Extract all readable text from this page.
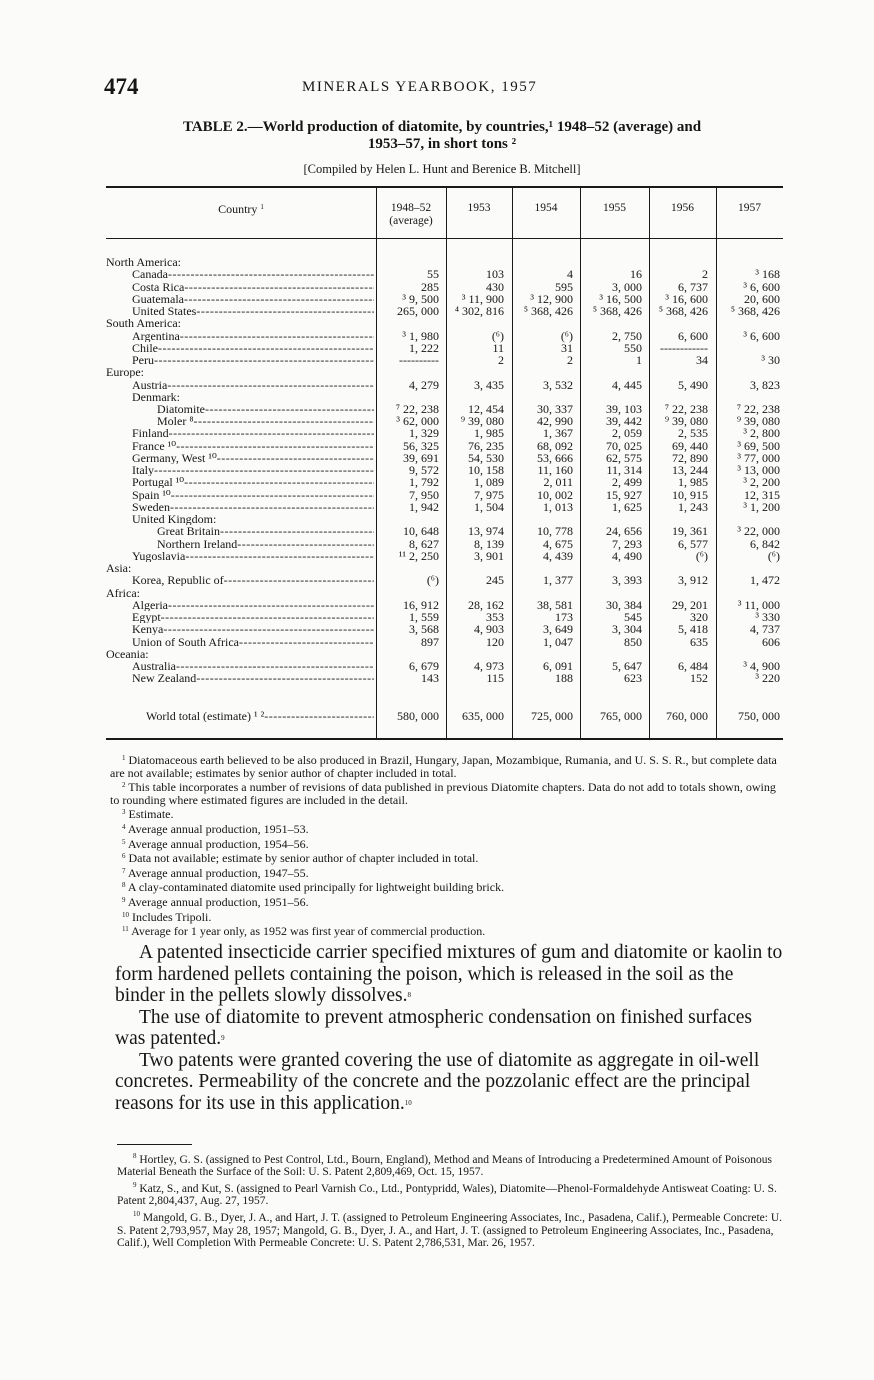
474	MINERALS YEARBOOK, 1957
TABLE 2.—World production of diatomite, by countries,¹ 1948–52 (average) and
1953–57, in short tons ²
[Compiled by Helen L. Hunt and Berenice B. Mitchell]
Country $^1$	1948–52
(average)
1953	1954	1955	1956	1957
North America:
Canada -----	55	103	4	16	2	³ 168
Costa Rica -----	285	430	595	3, 000	6, 737	³ 6, 600
Guatemala -----	³ 9, 500	³ 11, 900	³ 12, 900	³ 16, 500	³ 16, 600	20, 600
United States -----	265, 000	⁴ 302, 816	⁵ 368, 426	⁵ 368, 426	⁵ 368, 426	⁵ 368, 426
South America:
Argentina -----	³ 1, 980	(⁶)	(⁶)	2, 750	6, 600	³ 6, 600
Chile -----	1, 222	11	31	550	------------
Peru -----	----------	2	2	1	34	³ 30
Europe:
Austria -----	4, 279	3, 435	3, 532	4, 445	5, 490	3, 823
Denmark:
Diatomite -----	⁷ 22, 238	12, 454	30, 337	39, 103	⁷ 22, 238	⁷ 22, 238
Moler ⁸ -----	³ 62, 000	⁹ 39, 080	42, 990	39, 442	⁹ 39, 080	⁹ 39, 080
Finland -----	1, 329	1, 985	1, 367	2, 059	2, 535	³ 2, 800
France ¹⁰ -----	56, 325	76, 235	68, 092	70, 025	69, 440	³ 69, 500
Germany, West ¹⁰ -----	39, 691	54, 530	53, 666	62, 575	72, 890	³ 77, 000
Italy -----	9, 572	10, 158	11, 160	11, 314	13, 244	³ 13, 000
Portugal ¹⁰ -----	1, 792	1, 089	2, 011	2, 499	1, 985	³ 2, 200
Spain ¹⁰ -----	7, 950	7, 975	10, 002	15, 927	10, 915	12, 315
Sweden -----	1, 942	1, 504	1, 013	1, 625	1, 243	³ 1, 200
United Kingdom:
Great Britain -----	10, 648	13, 974	10, 778	24, 656	19, 361	³ 22, 000
Northern Ireland -----	8, 627	8, 139	4, 675	7, 293	6, 577	6, 842
Yugoslavia -----	¹¹ 2, 250	3, 901	4, 439	4, 490	(⁶)	(⁶)
Asia:
Korea, Republic of -----	(⁶)	245	1, 377	3, 393	3, 912	1, 472
Africa:
Algeria -----	16, 912	28, 162	38, 581	30, 384	29, 201	³ 11, 000
Egypt -----	1, 559	353	173	545	320	³ 330
Kenya -----	3, 568	4, 903	3, 649	3, 304	5, 418	4, 737
Union of South Africa -----	897	120	1, 047	850	635	606
Oceania:
Australia -----	6, 679	4, 973	6, 091	5, 647	6, 484	³ 4, 900
New Zealand -----	143	115	188	623	152	³ 220
World total (estimate) ¹ ² -----	580, 000	635, 000	725, 000	765, 000	760, 000	750, 000

$^1$ Diatomaceous earth believed to be also produced in Brazil, Hungary, Japan, Mozambique, Rumania, and U. S. S. R., but complete data are not available; estimates by senior author of chapter included in total.

$^2$ This table incorporates a number of revisions of data published in previous Diatomite chapters. Data do not add to totals shown, owing to rounding where estimated figures are included in the detail.

$^3$ Estimate.

$^4$ Average annual production, 1951–53.

$^5$ Average annual production, 1954–56.

$^6$ Data not available; estimate by senior author of chapter included in total.

$^7$ Average annual production, 1947–55.

$^8$ A clay-contaminated diatomite used principally for lightweight building brick.

$^9$ Average annual production, 1951–56.

$^{10}$ Includes Tripoli.

$^{11}$ Average for 1 year only, as 1952 was first year of commercial production.

A patented insecticide carrier specified mixtures of gum and diatomite or kaolin to form hardened pellets containing the poison, which is released in the soil as the binder in the pellets slowly dissolves.$^8$

The use of diatomite to prevent atmospheric condensation on finished surfaces was patented.$^9$

Two patents were granted covering the use of diatomite as aggregate in oil-well concretes. Permeability of the concrete and the pozzolanic effect are the principal reasons for its use in this application.$^{10}$

$^8$ Hortley, G. S. (assigned to Pest Control, Ltd., Bourn, England), Method and Means of Introducing a Predetermined Amount of Poisonous Material Beneath the Surface of the Soil: U. S. Patent 2,809,469, Oct. 15, 1957.

$^9$ Katz, S., and Kut, S. (assigned to Pearl Varnish Co., Ltd., Pontypridd, Wales), Diatomite—Phenol-Formaldehyde Antisweat Coating: U. S. Patent 2,804,437, Aug. 27, 1957.

$^{10}$ Mangold, G. B., Dyer, J. A., and Hart, J. T. (assigned to Petroleum Engineering Associates, Inc., Pasadena, Calif.), Permeable Concrete: U. S. Patent 2,793,957, May 28, 1957; Mangold, G. B., Dyer, J. A., and Hart, J. T. (assigned to Petroleum Engineering Associates, Inc., Pasadena, Calif.), Well Completion With Permeable Concrete: U. S. Patent 2,786,531, Mar. 26, 1957.
